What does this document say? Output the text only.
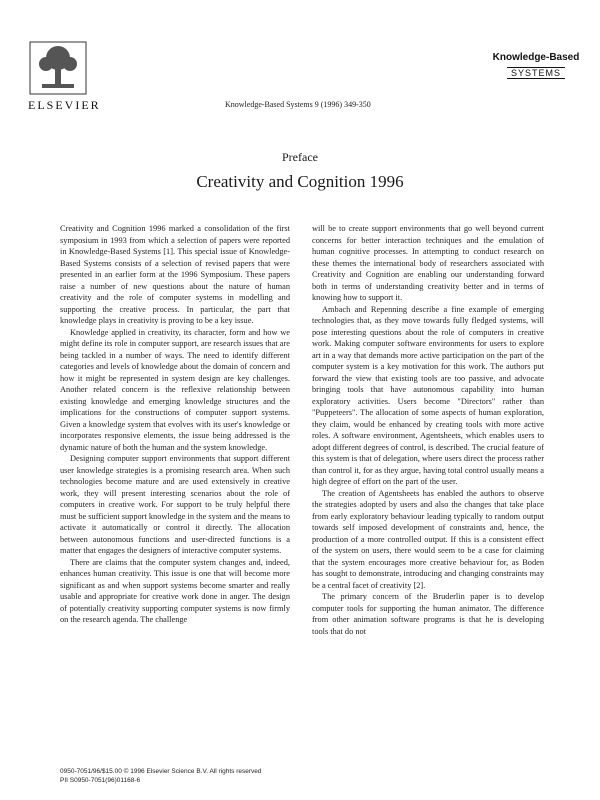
ELSEVIER	Knowledge-Based Systems 9 (1996) 349-350
Knowledge-Based
SYSTEMS
Preface
Creativity and Cognition 1996

Creativity and Cognition 1996 marked a consolidation of the first symposium in 1993 from which a selection of papers were reported in Knowledge-Based Systems [1]. This special issue of Knowledge-Based Systems consists of a selection of revised papers that were presented in an earlier form at the 1996 Symposium. These papers raise a number of new questions about the nature of human creativity and the role of computer systems in modelling and supporting the creative process. In particular, the part that knowledge plays in creativity is proving to be a key issue.

Knowledge applied in creativity, its character, form and how we might define its role in computer support, are research issues that are being tackled in a number of ways. The need to identify different categories and levels of knowledge about the domain of concern and how it might be represented in system design are key challenges. Another related concern is the reflexive relationship between existing knowledge and emerging knowledge structures and the implications for the constructions of computer support systems. Given a knowledge system that evolves with its user's knowledge or incorporates responsive elements, the issue being addressed is the dynamic nature of both the human and the system knowledge.

Designing computer support environments that support different user knowledge strategies is a promising research area. When such technologies become mature and are used extensively in creative work, they will present interesting scenarios about the role of computers in creative work. For support to be truly helpful there must be sufficient support knowledge in the system and the means to activate it automatically or control it directly. The allocation between autonomous functions and user-directed functions is a matter that engages the designers of interactive computer systems.

There are claims that the computer system changes and, indeed, enhances human creativity. This issue is one that will become more significant as and when support systems become smarter and really usable and appropriate for creative work done in anger. The design of potentially creativity supporting computer systems is now firmly on the research agenda. The challenge

will be to create support environments that go well beyond current concerns for better interaction techniques and the emulation of human cognitive processes. In attempting to conduct research on these themes the international body of researchers associated with Creativity and Cognition are enabling our understanding forward both in terms of understanding creativity better and in terms of knowing how to support it.

Ambach and Repenning describe a fine example of emerging technologies that, as they move towards fully fledged systems, will pose interesting questions about the role of computers in creative work. Making computer software environments for users to explore art in a way that demands more active participation on the part of the computer system is a key motivation for this work. The authors put forward the view that existing tools are too passive, and advocate bringing tools that have autonomous capability into human exploratory activities. Users become "Directors" rather than "Puppeteers". The allocation of some aspects of human exploration, they claim, would be enhanced by creating tools with more active roles. A software environment, Agentsheets, which enables users to adopt different degrees of control, is described. The crucial feature of this system is that of delegation, where users direct the process rather than control it, for as they argue, having total control usually means a high degree of effort on the part of the user.

The creation of Agentsheets has enabled the authors to observe the strategies adopted by users and also the changes that take place from early exploratory behaviour leading typically to random output towards self imposed development of constraints and, hence, the production of a more controlled output. If this is a consistent effect of the system on users, there would seem to be a case for claiming that the system encourages more creative behaviour for, as Boden has sought to demonstrate, introducing and changing constraints may be a central facet of creativity [2].

The primary concern of the Bruderlin paper is to develop computer tools for supporting the human animator. The difference from other animation software programs is that he is developing tools that do not

0950-7051/96/$15.00 © 1996 Elsevier Science B.V. All rights reserved
PII S0950-7051(96)01168-6
